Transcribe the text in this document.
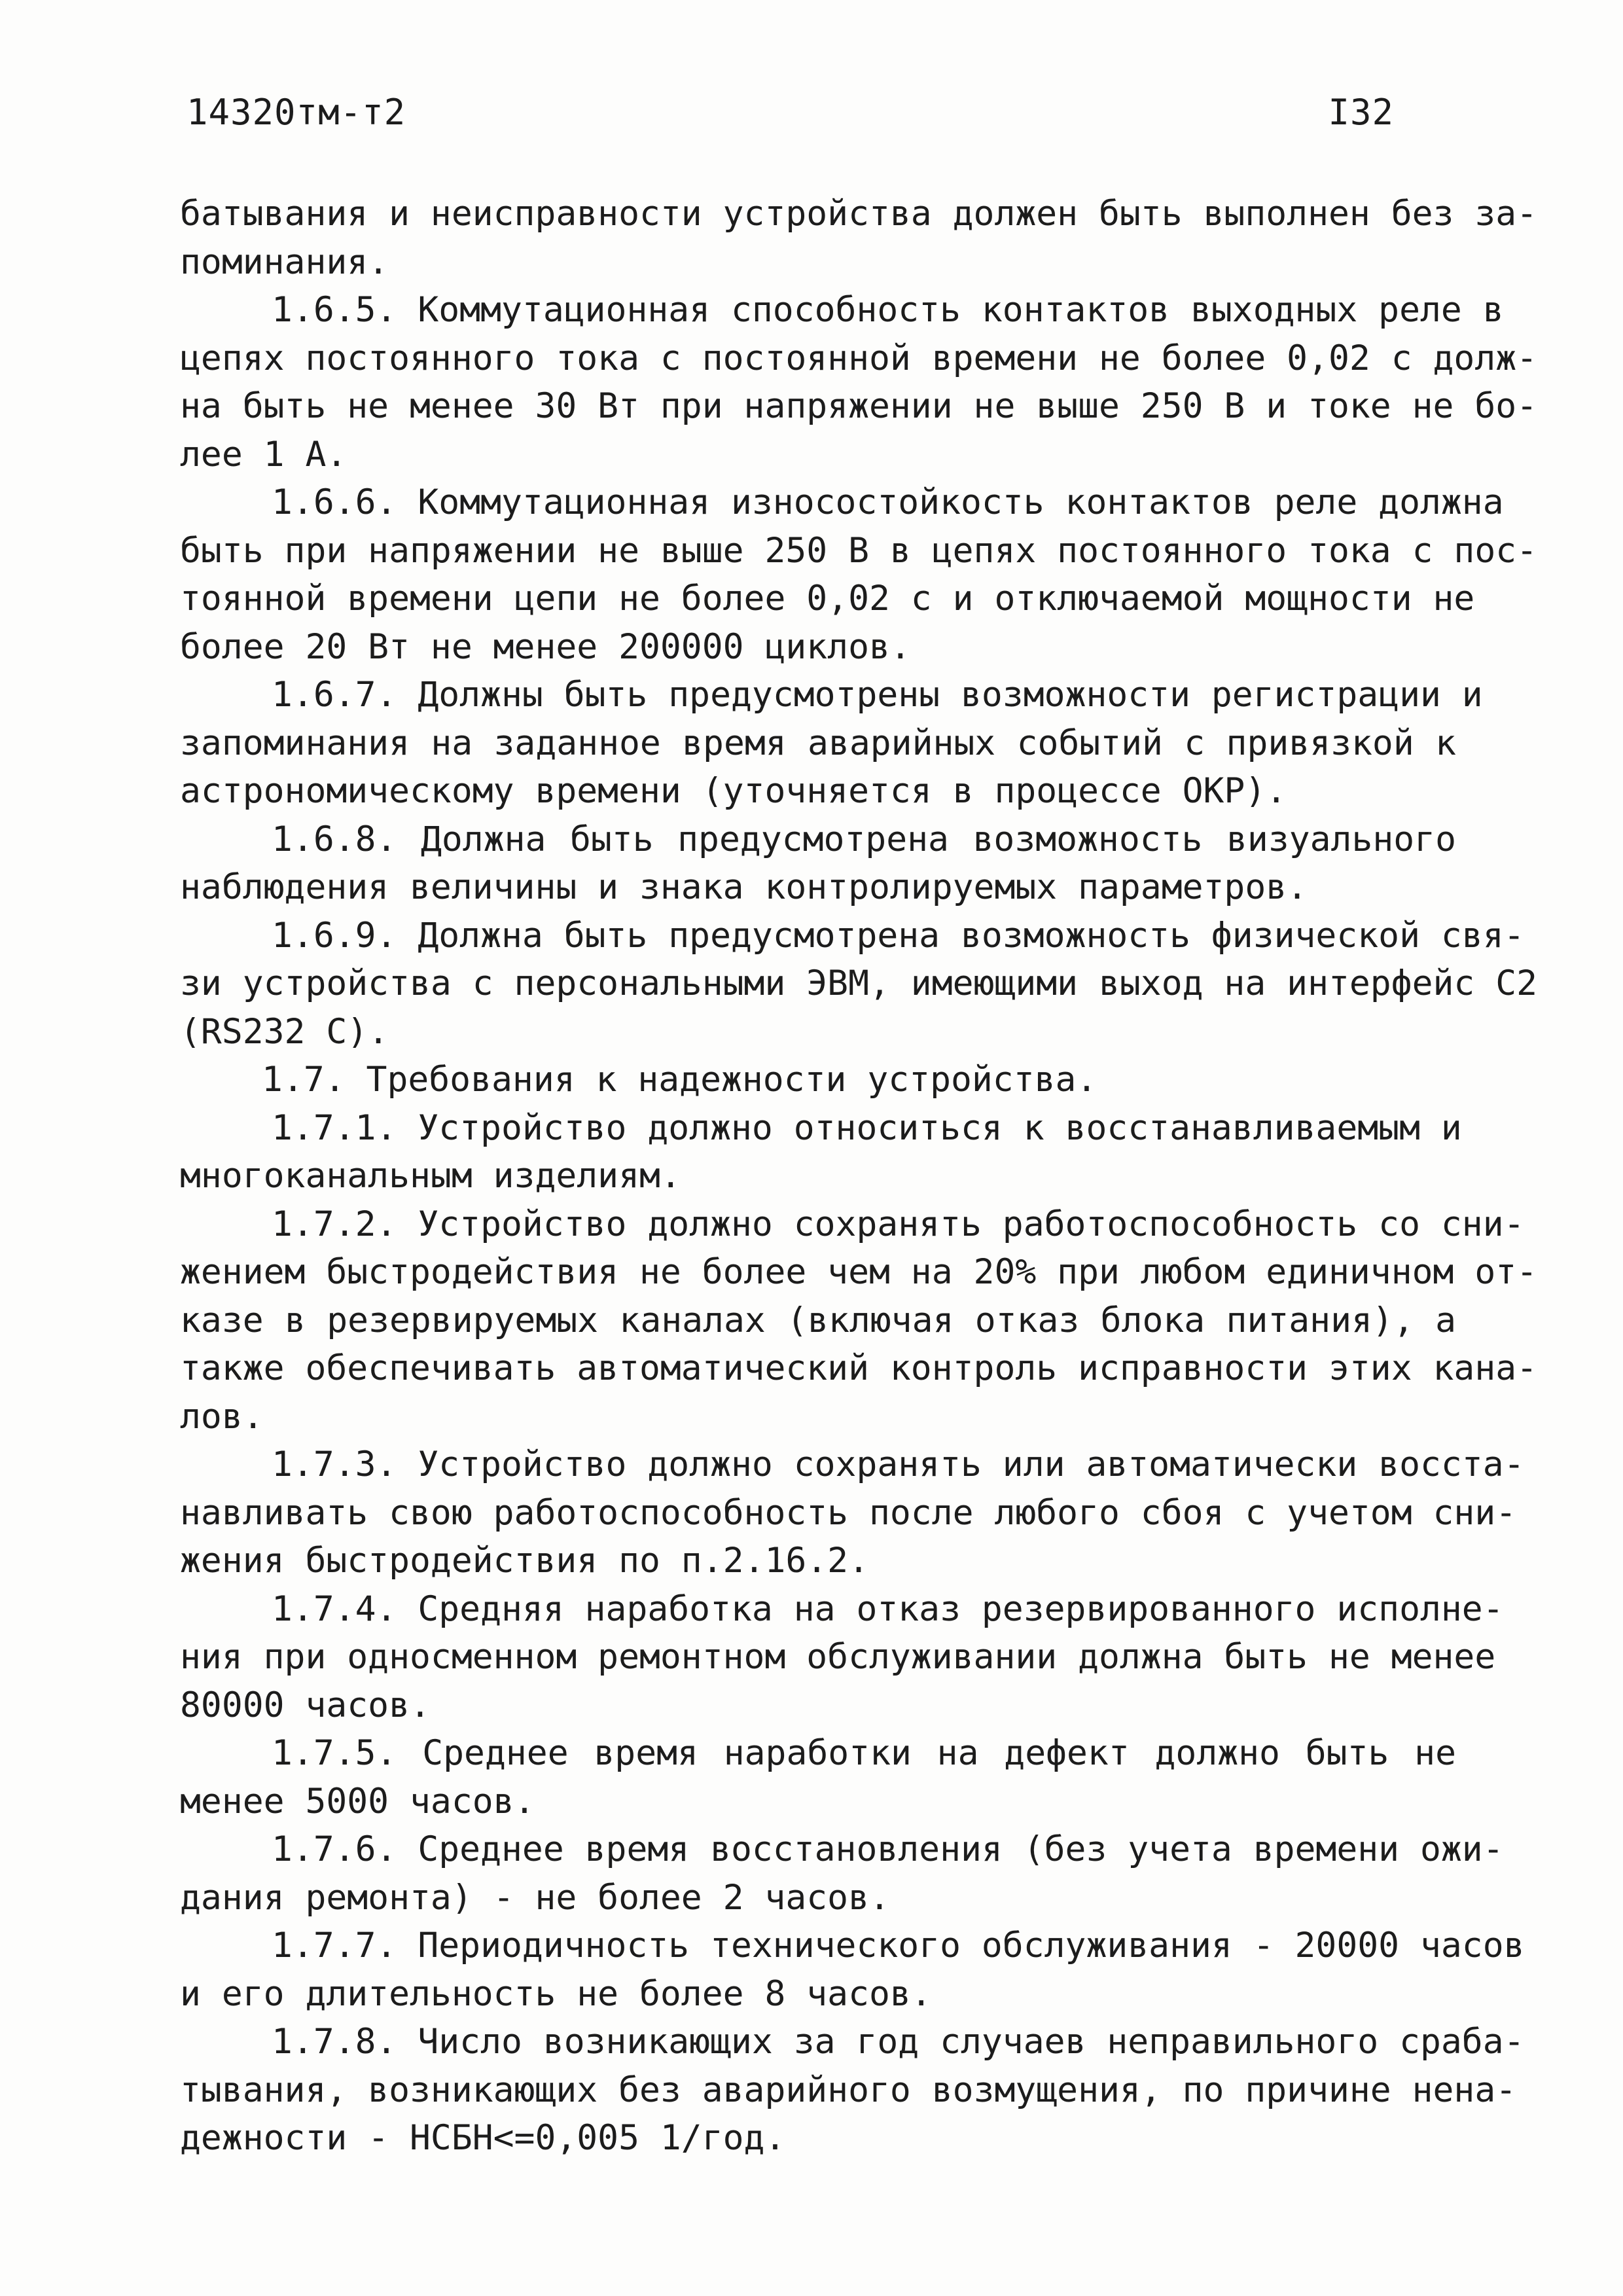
14320тм-т2	I32
батывания и неисправности устройства должен быть выполнен без за-
поминания.
1.6.5. Коммутационная способность контактов выходных реле в
цепях постоянного тока с постоянной времени не более 0,02 с долж-
на быть не менее 30 Вт при напряжении не выше 250 В и токе не бо-
лее 1 А.
1.6.6. Коммутационная износостойкость контактов реле должна
быть при напряжении не выше 250 В в цепях постоянного тока с пос-
тоянной времени цепи не более 0,02 с и отключаемой мощности не
более 20 Вт не менее 200000 циклов.
1.6.7. Должны быть предусмотрены возможности регистрации и
запоминания на заданное время аварийных событий с привязкой к
астрономическому времени (уточняется в процессе ОКР).
1.6.8. Должна быть предусмотрена возможность визуального
наблюдения величины и знака контролируемых параметров.
1.6.9. Должна быть предусмотрена возможность физической свя-
зи устройства с персональными ЭВМ, имеющими выход на интерфейс С2
(RS232 С).
1.7. Требования к надежности устройства.
1.7.1. Устройство должно относиться к восстанавливаемым и
многоканальным изделиям.
1.7.2. Устройство должно сохранять работоспособность со сни-
жением быстродействия не более чем на 20% при любом единичном от-
казе в резервируемых каналах (включая отказ блока питания), а
также обеспечивать автоматический контроль исправности этих кана-
лов.
1.7.3. Устройство должно сохранять или автоматически восста-
навливать свою работоспособность после любого сбоя с учетом сни-
жения быстродействия по п.2.16.2.
1.7.4. Средняя наработка на отказ резервированного исполне-
ния при односменном ремонтном обслуживании должна быть не менее
80000 часов.
1.7.5. Среднее время наработки на дефект должно быть не
менее 5000 часов.
1.7.6. Среднее время восстановления (без учета времени ожи-
дания ремонта) - не более 2 часов.
1.7.7. Периодичность технического обслуживания - 20000 часов
и его длительность не более 8 часов.
1.7.8. Число возникающих за год случаев неправильного сраба-
тывания, возникающих без аварийного возмущения, по причине нена-
дежности - НСБН<=0,005 1/год.
